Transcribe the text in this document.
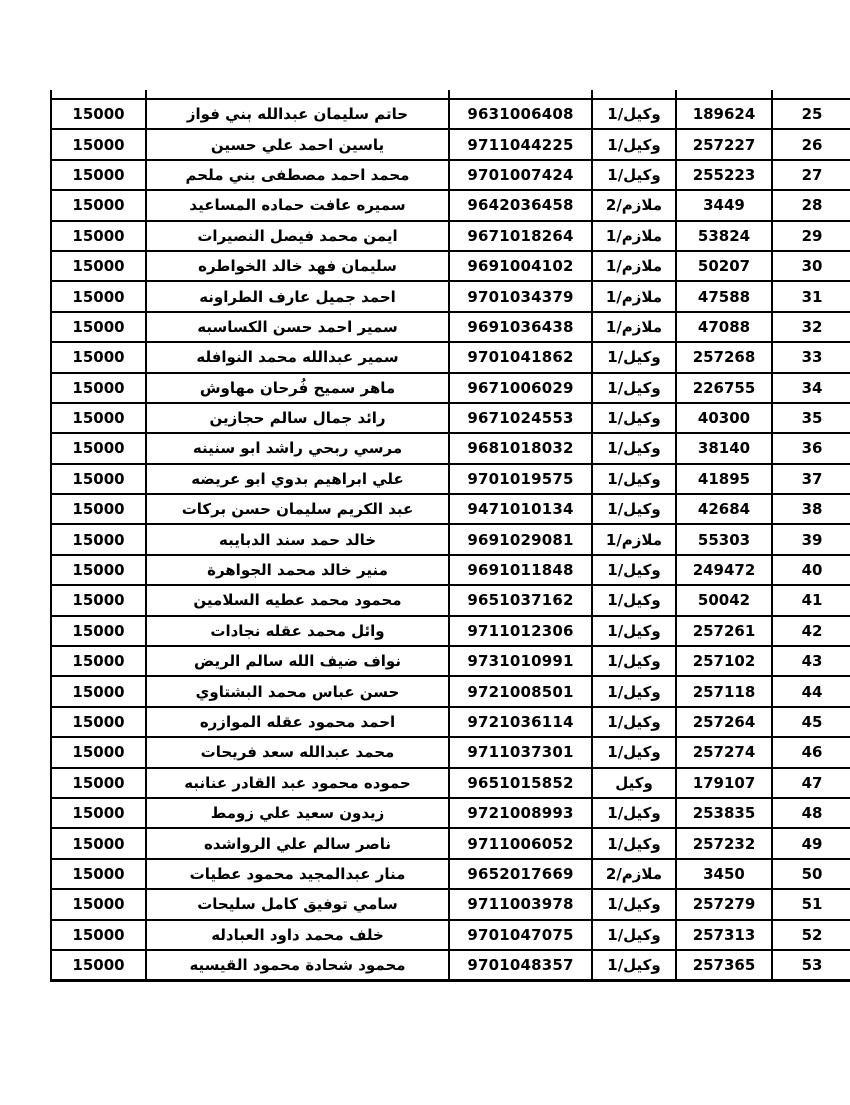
25	189624	وكيل/1	9631006408	حاتم سليمان عبدالله بني فواز	15000
26	257227	وكيل/1	9711044225	ياسين احمد علي حسين	15000
27	255223	وكيل/1	9701007424	محمد احمد مصطفى بني ملحم	15000
28	3449	ملازم/2	9642036458	سميره عافت حماده المساعيد	15000
29	53824	ملازم/1	9671018264	ايمن محمد فيصل النصيرات	15000
30	50207	ملازم/1	9691004102	سليمان فهد خالد الخواطره	15000
31	47588	ملازم/1	9701034379	احمد جميل عارف الطراونه	15000
32	47088	ملازم/1	9691036438	سمير احمد حسن الكساسبه	15000
33	257268	وكيل/1	9701041862	سمير عبدالله محمد النوافله	15000
34	226755	وكيل/1	9671006029	ماهر سميح فُرحان مهاوش	15000
35	40300	وكيل/1	9671024553	رائد جمال سالم حجازين	15000
36	38140	وكيل/1	9681018032	مرسي ربحي راشد ابو سنينه	15000
37	41895	وكيل/1	9701019575	علي ابراهيم بدوي ابو عريضه	15000
38	42684	وكيل/1	9471010134	عبد الكريم سليمان حسن بركات	15000
39	55303	ملازم/1	9691029081	خالد حمد سند الدبايبه	15000
40	249472	وكيل/1	9691011848	منير خالد محمد الجواهرة	15000
41	50042	وكيل/1	9651037162	محمود محمد عطيه السلامين	15000
42	257261	وكيل/1	9711012306	وائل محمد عقله نجادات	15000
43	257102	وكيل/1	9731010991	نواف ضيف الله سالم الريض	15000
44	257118	وكيل/1	9721008501	حسن عباس محمد البشتاوي	15000
45	257264	وكيل/1	9721036114	احمد محمود عقله الموازره	15000
46	257274	وكيل/1	9711037301	محمد عبدالله سعد فريحات	15000
47	179107	وكيل	9651015852	حموده محمود عبد القادر عنانبه	15000
48	253835	وكيل/1	9721008993	زيدون سعيد علي زومط	15000
49	257232	وكيل/1	9711006052	ناصر سالم علي الرواشده	15000
50	3450	ملازم/2	9652017669	منار عبدالمجيد محمود عطيات	15000
51	257279	وكيل/1	9711003978	سامي توفيق كامل سليحات	15000
52	257313	وكيل/1	9701047075	خلف محمد داود العبادله	15000
53	257365	وكيل/1	9701048357	محمود شحادة محمود القيسيه	15000
